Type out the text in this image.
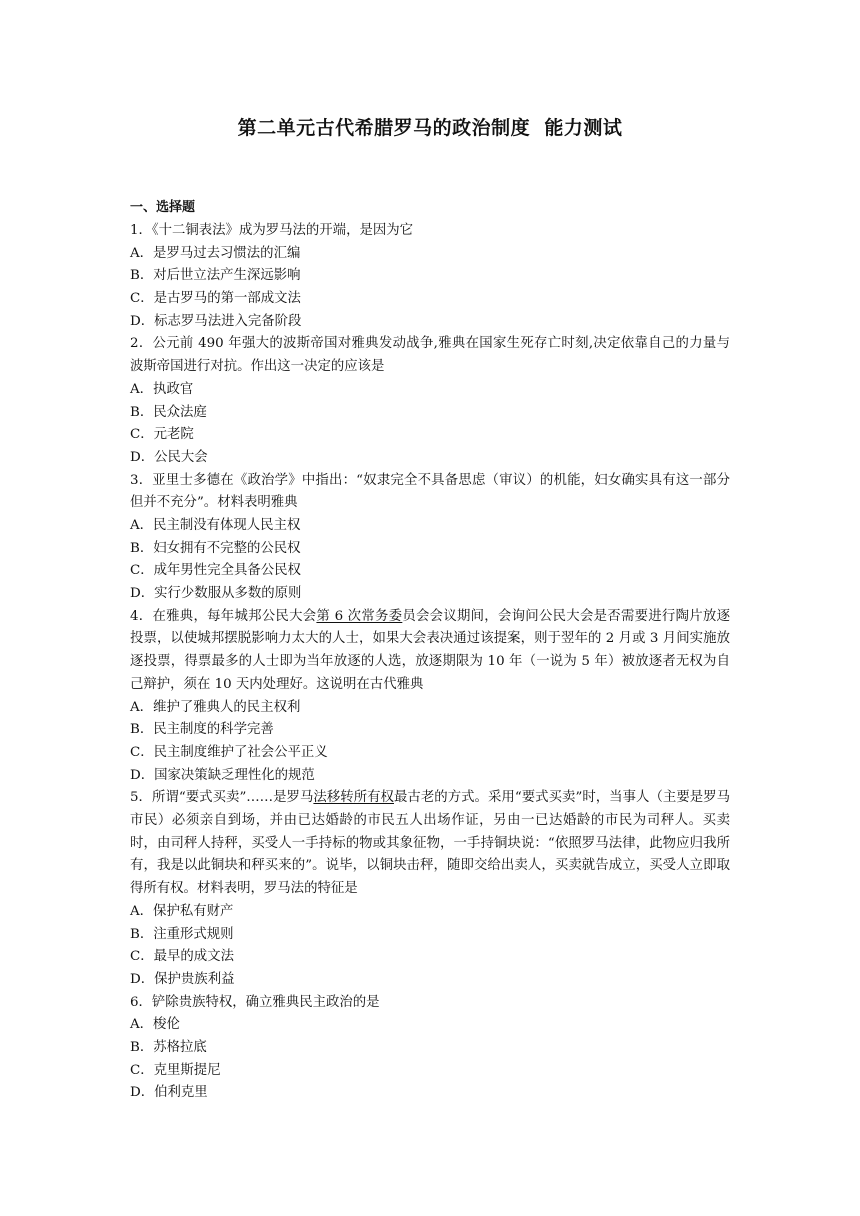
第二单元古代希腊罗马的政治制度  能力测试
一、选择题
1．《十二铜表法》成为罗马法的开端，是因为它
A．是罗马过去习惯法的汇编
B．对后世立法产生深远影响
C．是古罗马的第一部成文法
D．标志罗马法进入完备阶段
2．公元前 490 年强大的波斯帝国对雅典发动战争,雅典在国家生死存亡时刻,决定依靠自己的力量与波斯帝国进行对抗。作出这一决定的应该是
A．执政官
B．民众法庭
C．元老院
D．公民大会
3．亚里士多德在《政治学》中指出：“奴隶完全不具备思虑（审议）的机能，妇女确实具有这一部分但并不充分”。材料表明雅典
A．民主制没有体现人民主权
B．妇女拥有不完整的公民权
C．成年男性完全具备公民权
D．实行少数服从多数的原则
4．在雅典，每年城邦公民大会第 6 次常务委员会会议期间，会询问公民大会是否需要进行陶片放逐投票，以使城邦摆脱影响力太大的人士，如果大会表决通过该提案，则于翌年的 2 月或 3 月间实施放逐投票，得票最多的人士即为当年放逐的人选，放逐期限为 10 年（一说为 5 年）被放逐者无权为自己辩护，须在 10 天内处理好。这说明在古代雅典
A．维护了雅典人的民主权利
B．民主制度的科学完善
C．民主制度维护了社会公平正义
D．国家决策缺乏理性化的规范
5．所谓“要式买卖”……是罗马法移转所有权最古老的方式。采用“要式买卖”时，当事人（主要是罗马市民）必须亲自到场，并由已达婚龄的市民五人出场作证，另由一已达婚龄的市民为司秤人。买卖时，由司秤人持秤，买受人一手持标的物或其象征物，一手持铜块说：“依照罗马法律，此物应归我所有，我是以此铜块和秤买来的”。说毕，以铜块击秤，随即交给出卖人，买卖就告成立，买受人立即取得所有权。材料表明，罗马法的特征是
A．保护私有财产
B．注重形式规则
C．最早的成文法
D．保护贵族利益
6．铲除贵族特权，确立雅典民主政治的是
A．梭伦
B．苏格拉底
C．克里斯提尼
D．伯利克里
